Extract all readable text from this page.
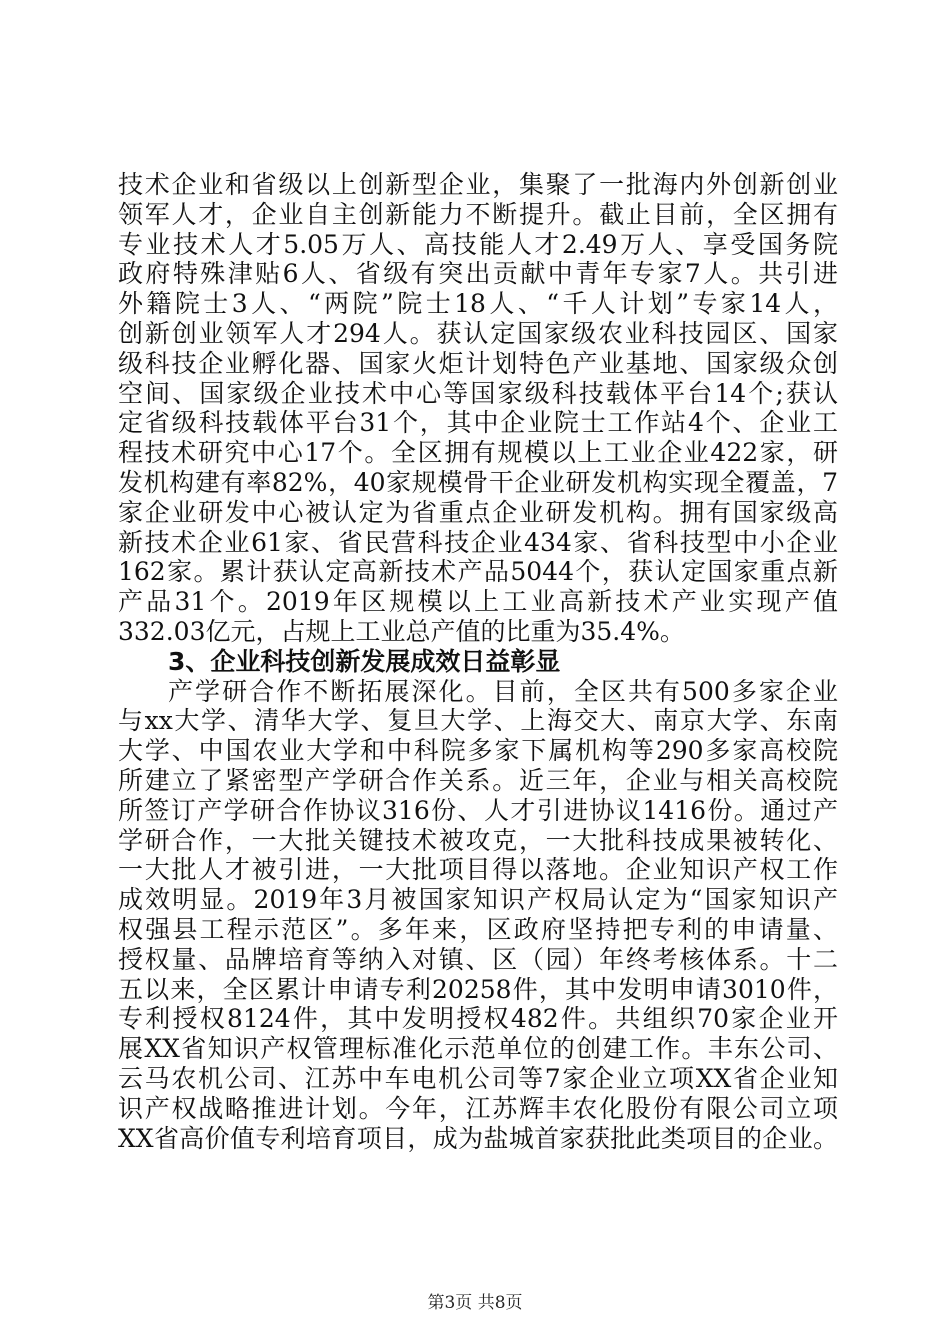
技术企业和省级以上创新型企业，集聚了一批海内外创新创业
领军人才，企业自主创新能力不断提升。截止目前，全区拥有
专业技术人才5.05万人、高技能人才2.49万人、享受国务院
政府特殊津贴6人、省级有突出贡献中青年专家7人。共引进
外籍院士3人、“两院”院士18人、“千人计划”专家14人，
创新创业领军人才294人。获认定国家级农业科技园区、国家
级科技企业孵化器、国家火炬计划特色产业基地、国家级众创
空间、国家级企业技术中心等国家级科技载体平台14个;获认
定省级科技载体平台31个，其中企业院士工作站4个、企业工
程技术研究中心17个。全区拥有规模以上工业企业422家，研
发机构建有率82%，40家规模骨干企业研发机构实现全覆盖，7
家企业研发中心被认定为省重点企业研发机构。拥有国家级高
新技术企业61家、省民营科技企业434家、省科技型中小企业
162家。累计获认定高新技术产品5044个，获认定国家重点新
产品31个。2019年区规模以上工业高新技术产业实现产值
332.03亿元，占规上工业总产值的比重为35.4%。
3、企业科技创新发展成效日益彰显
产学研合作不断拓展深化。目前，全区共有500多家企业
与xx大学、清华大学、复旦大学、上海交大、南京大学、东南
大学、中国农业大学和中科院多家下属机构等290多家高校院
所建立了紧密型产学研合作关系。近三年，企业与相关高校院
所签订产学研合作协议316份、人才引进协议1416份。通过产
学研合作，一大批关键技术被攻克，一大批科技成果被转化、
一大批人才被引进，一大批项目得以落地。企业知识产权工作
成效明显。2019年3月被国家知识产权局认定为“国家知识产
权强县工程示范区”。多年来，区政府坚持把专利的申请量、
授权量、品牌培育等纳入对镇、区（园）年终考核体系。十二
五以来，全区累计申请专利20258件，其中发明申请3010件，
专利授权8124件，其中发明授权482件。共组织70家企业开
展XX省知识产权管理标准化示范单位的创建工作。丰东公司、
云马农机公司、江苏中车电机公司等7家企业立项XX省企业知
识产权战略推进计划。今年，江苏辉丰农化股份有限公司立项
XX省高价值专利培育项目，成为盐城首家获批此类项目的企业。
第3页 共8页
